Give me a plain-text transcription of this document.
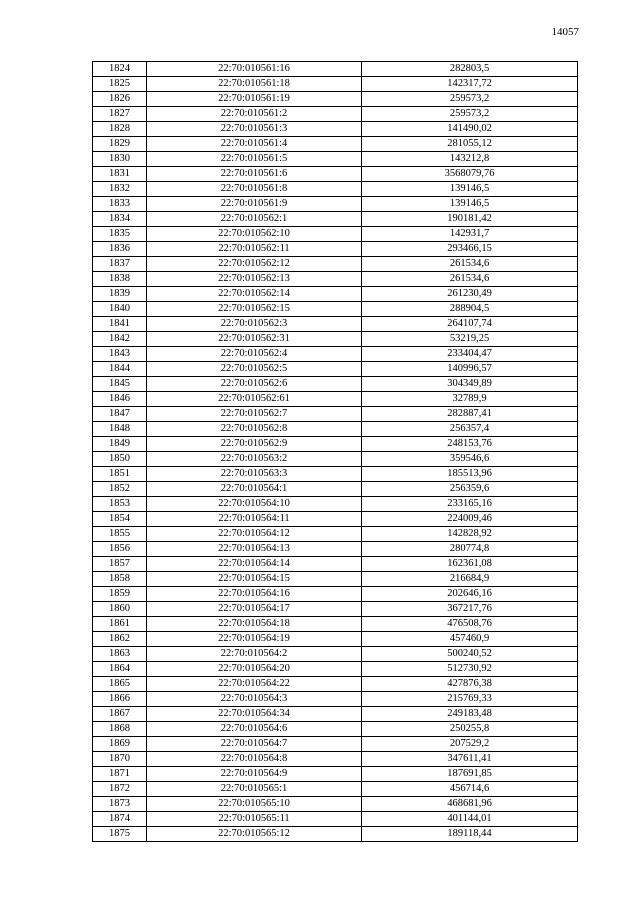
14057
1824	22:70:010561:16	282803,5
1825	22:70:010561:18	142317,72
1826	22:70:010561:19	259573,2
1827	22:70:010561:2	259573,2
1828	22:70:010561:3	141490,02
1829	22:70:010561:4	281055,12
1830	22:70:010561:5	143212,8
1831	22:70:010561:6	3568079,76
1832	22:70:010561:8	139146,5
1833	22:70:010561:9	139146,5
1834	22:70:010562:1	190181,42
1835	22:70:010562:10	142931,7
1836	22:70:010562:11	293466,15
1837	22:70:010562:12	261534,6
1838	22:70:010562:13	261534,6
1839	22:70:010562:14	261230,49
1840	22:70:010562:15	288904,5
1841	22:70:010562:3	264107,74
1842	22:70:010562:31	53219,25
1843	22:70:010562:4	233404,47
1844	22:70:010562:5	140996,57
1845	22:70:010562:6	304349,89
1846	22:70:010562:61	32789,9
1847	22:70:010562:7	282887,41
1848	22:70:010562:8	256357,4
1849	22:70:010562:9	248153,76
1850	22:70:010563:2	359546,6
1851	22:70:010563:3	185513,96
1852	22:70:010564:1	256359,6
1853	22:70:010564:10	233165,16
1854	22:70:010564:11	224009,46
1855	22:70:010564:12	142828,92
1856	22:70:010564:13	280774,8
1857	22:70:010564:14	162361,08
1858	22:70:010564:15	216684,9
1859	22:70:010564:16	202646,16
1860	22:70:010564:17	367217,76
1861	22:70:010564:18	476508,76
1862	22:70:010564:19	457460,9
1863	22:70:010564:2	500240,52
1864	22:70:010564:20	512730,92
1865	22:70:010564:22	427876,38
1866	22:70:010564:3	215769,33
1867	22:70:010564:34	249183,48
1868	22:70:010564:6	250255,8
1869	22:70:010564:7	207529,2
1870	22:70:010564:8	347611,41
1871	22:70:010564:9	187691,85
1872	22:70:010565:1	456714,6
1873	22:70:010565:10	468681,96
1874	22:70:010565:11	401144,01
1875	22:70:010565:12	189118,44
